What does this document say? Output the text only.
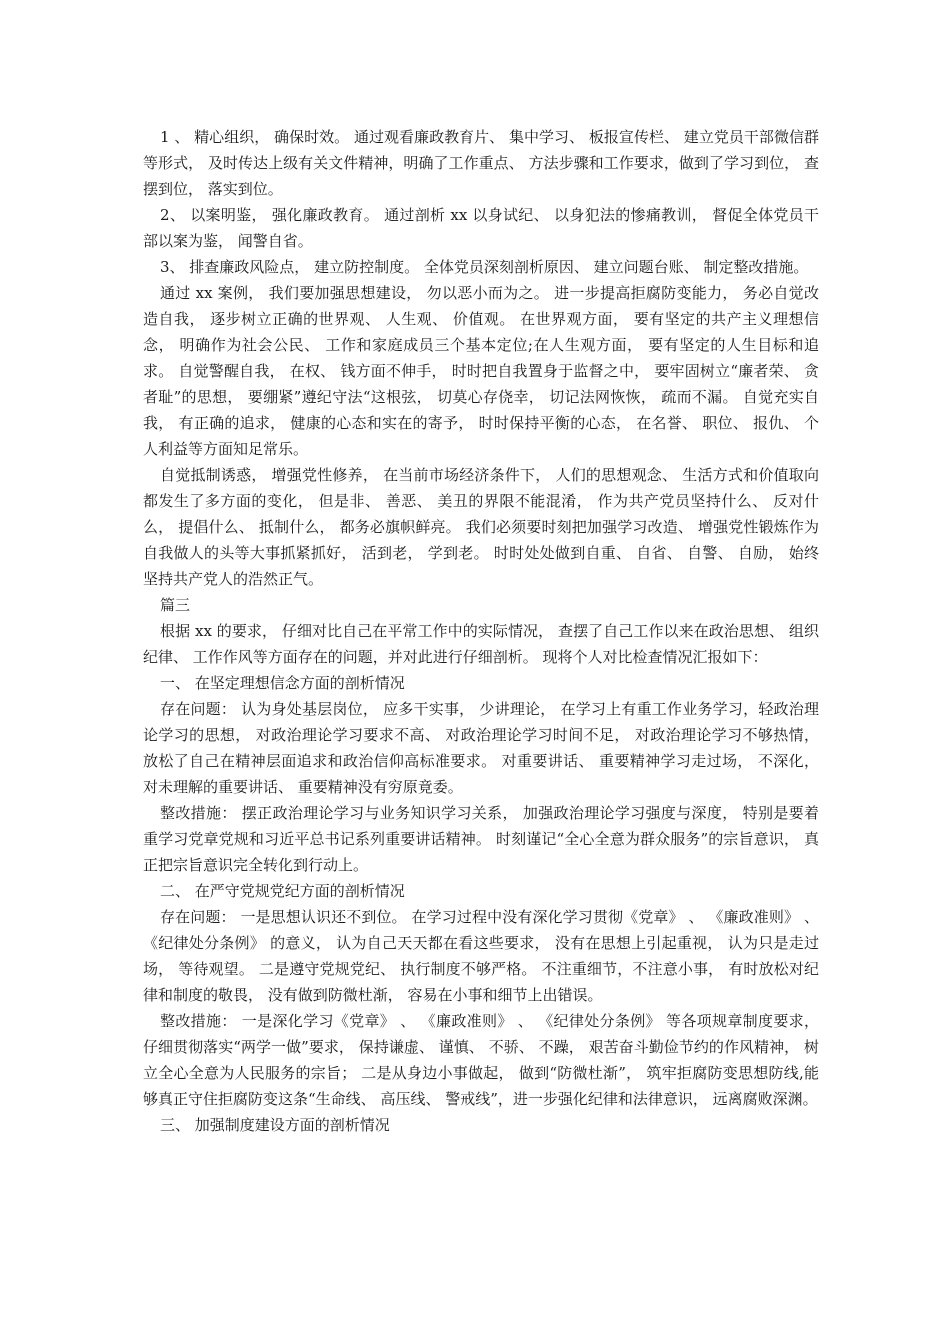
1 、 精心组织， 确保时效。 通过观看廉政教育片、 集中学习、 板报宣传栏、 建立党员干部微信群等形式， 及时传达上级有关文件精神，明确了工作重点、 方法步骤和工作要求，做到了学习到位， 查摆到位， 落实到位。

2、 以案明鉴， 强化廉政教育。 通过剖析 xx 以身试纪、 以身犯法的惨痛教训， 督促全体党员干部以案为鉴， 闻警自省。

3、 排查廉政风险点， 建立防控制度。 全体党员深刻剖析原因、 建立问题台账、 制定整改措施。

通过 xx 案例， 我们要加强思想建设， 勿以恶小而为之。 进一步提高拒腐防变能力， 务必自觉改造自我， 逐步树立正确的世界观、 人生观、 价值观。 在世界观方面， 要有坚定的共产主义理想信念， 明确作为社会公民、 工作和家庭成员三个基本定位;在人生观方面， 要有坚定的人生目标和追求。 自觉警醒自我， 在权、 钱方面不伸手， 时时把自我置身于监督之中， 要牢固树立“廉者荣、 贪者耻”的思想， 要绷紧”遵纪守法“这根弦， 切莫心存侥幸， 切记法网恢恢， 疏而不漏。 自觉充实自我， 有正确的追求， 健康的心态和实在的寄予， 时时保持平衡的心态， 在名誉、 职位、 报仇、 个人利益等方面知足常乐。

自觉抵制诱惑， 增强党性修养， 在当前市场经济条件下， 人们的思想观念、 生活方式和价值取向都发生了多方面的变化， 但是非、 善恶、 美丑的界限不能混淆， 作为共产党员坚持什么、 反对什么， 提倡什么、 抵制什么， 都务必旗帜鲜亮。 我们必须要时刻把加强学习改造、 增强党性锻炼作为自我做人的头等大事抓紧抓好， 活到老， 学到老。 时时处处做到自重、 自省、 自警、 自励， 始终坚持共产党人的浩然正气。

篇三

根据 xx 的要求， 仔细对比自己在平常工作中的实际情况， 查摆了自己工作以来在政治思想、 组织纪律、 工作作风等方面存在的问题，并对此进行仔细剖析。 现将个人对比检查情况汇报如下：

一、 在坚定理想信念方面的剖析情况

存在问题： 认为身处基层岗位， 应多干实事， 少讲理论， 在学习上有重工作业务学习，轻政治理论学习的思想， 对政治理论学习要求不高、 对政治理论学习时间不足， 对政治理论学习不够热情， 放松了自己在精神层面追求和政治信仰高标准要求。 对重要讲话、 重要精神学习走过场， 不深化， 对未理解的重要讲话、 重要精神没有穷原竟委。

整改措施： 摆正政治理论学习与业务知识学习关系， 加强政治理论学习强度与深度， 特别是要着重学习党章党规和习近平总书记系列重要讲话精神。 时刻谨记“全心全意为群众服务”的宗旨意识， 真正把宗旨意识完全转化到行动上。

二、 在严守党规党纪方面的剖析情况

存在问题： 一是思想认识还不到位。 在学习过程中没有深化学习贯彻《党章》 、 《廉政准则》 、 《纪律处分条例》 的意义， 认为自己天天都在看这些要求， 没有在思想上引起重视， 认为只是走过场， 等待观望。 二是遵守党规党纪、 执行制度不够严格。 不注重细节，不注意小事， 有时放松对纪律和制度的敬畏， 没有做到防微杜渐， 容易在小事和细节上出错误。

整改措施： 一是深化学习《党章》 、 《廉政准则》 、 《纪律处分条例》 等各项规章制度要求， 仔细贯彻落实“两学一做”要求， 保持谦虚、 谨慎、 不骄、 不躁， 艰苦奋斗勤俭节约的作风精神， 树立全心全意为人民服务的宗旨； 二是从身边小事做起， 做到“防微杜渐”， 筑牢拒腐防变思想防线,能够真正守住拒腐防变这条“生命线、 高压线、 警戒线”，进一步强化纪律和法律意识， 远离腐败深渊。

三、 加强制度建设方面的剖析情况
